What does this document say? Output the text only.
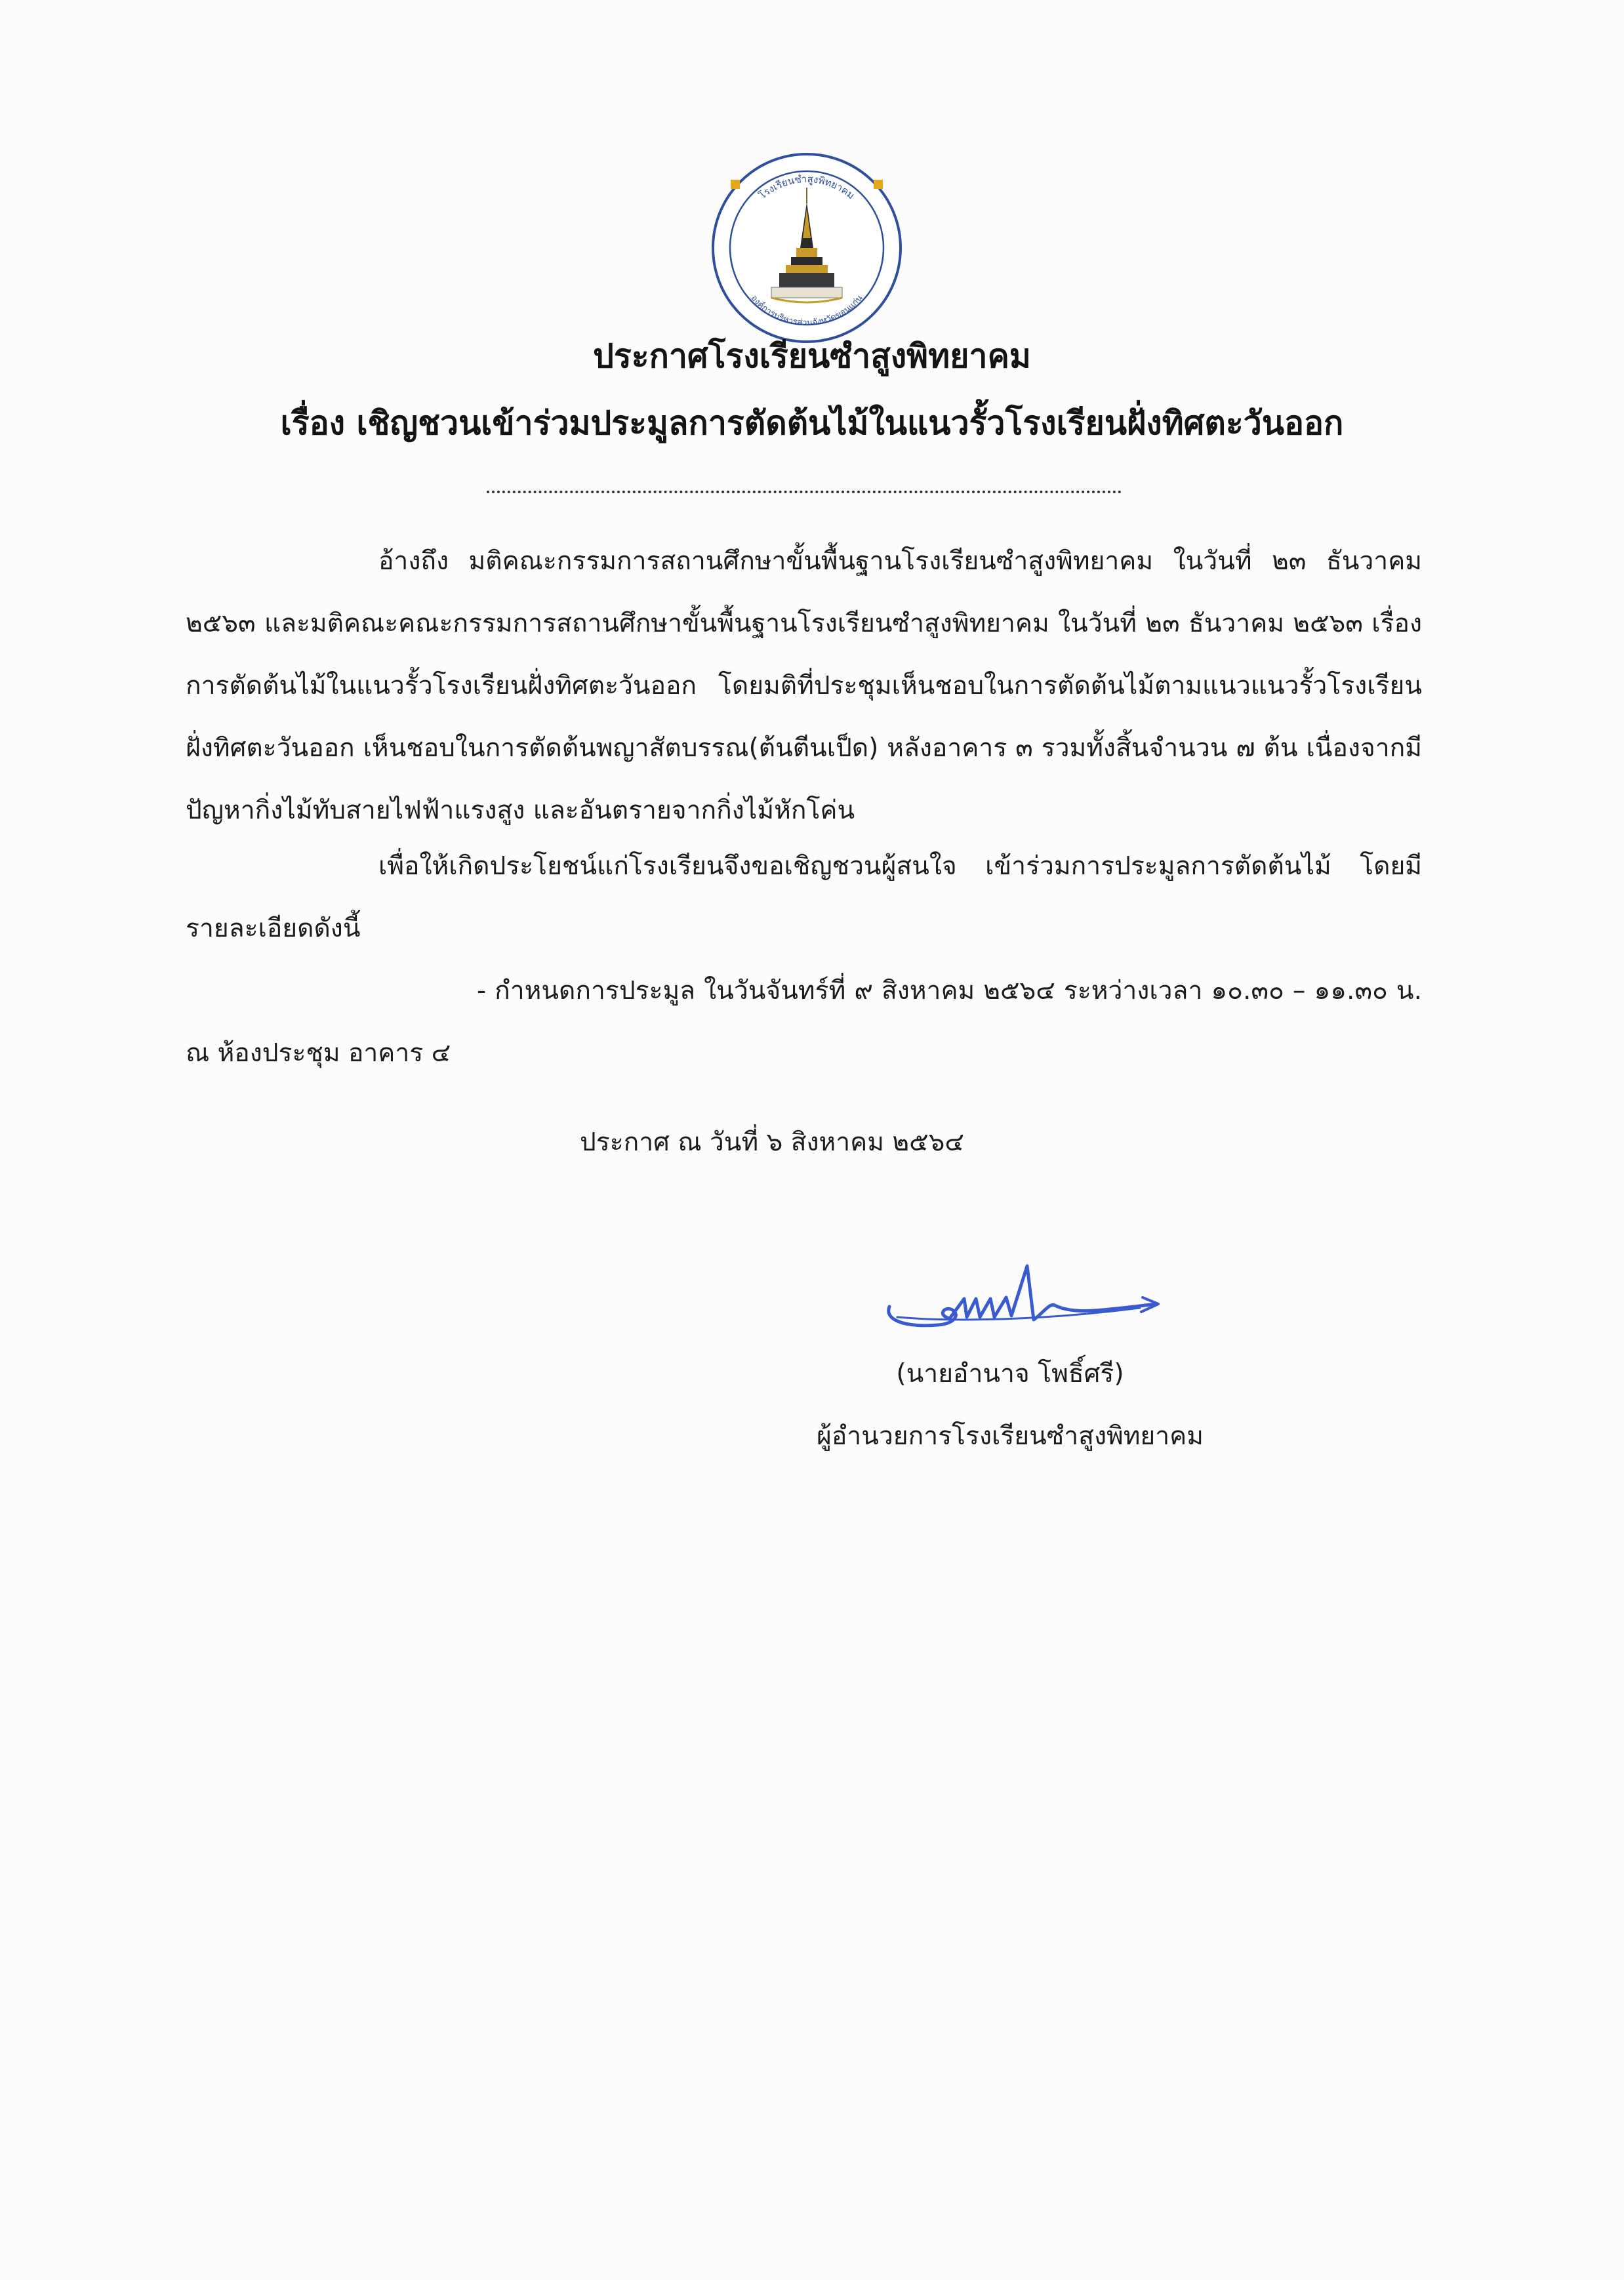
โรงเรียนซำสูงพิทยาคม
องค์การบริหารส่วนจังหวัดขอนแก่น
ประกาศโรงเรียนซำสูงพิทยาคม
เรื่อง เชิญชวนเข้าร่วมประมูลการตัดต้นไม้ในแนวรั้วโรงเรียนฝั่งทิศตะวันออก
อ้างถึง มติคณะกรรมการสถานศึกษาขั้นพื้นฐานโรงเรียนซำสูงพิทยาคม ในวันที่ ๒๓ ธันวาคม ๒๕๖๓ และมติคณะคณะกรรมการสถานศึกษาขั้นพื้นฐานโรงเรียนซำสูงพิทยาคม ในวันที่ ๒๓ ธันวาคม ๒๕๖๓ เรื่อง การตัดต้นไม้ในแนวรั้วโรงเรียนฝั่งทิศตะวันออก โดยมติที่ประชุมเห็นชอบในการตัดต้นไม้ตามแนวแนวรั้วโรงเรียนฝั่งทิศตะวันออก เห็นชอบในการตัดต้นพญาสัตบรรณ(ต้นตีนเป็ด) หลังอาคาร ๓ รวมทั้งสิ้นจำนวน ๗ ต้น เนื่องจากมีปัญหากิ่งไม้ทับสายไฟฟ้าแรงสูง และอันตรายจากกิ่งไม้หักโค่น
เพื่อให้เกิดประโยชน์แก่โรงเรียนจึงขอเชิญชวนผู้สนใจ เข้าร่วมการประมูลการตัดต้นไม้ โดยมีรายละเอียดดังนี้
- กำหนดการประมูล ในวันจันทร์ที่ ๙ สิงหาคม ๒๕๖๔ ระหว่างเวลา ๑๐.๓๐ – ๑๑.๓๐ น. ณ ห้องประชุม อาคาร ๔
ประกาศ ณ วันที่ ๖ สิงหาคม ๒๕๖๔
(นายอำนาจ โพธิ์ศรี)
ผู้อำนวยการโรงเรียนซำสูงพิทยาคม
